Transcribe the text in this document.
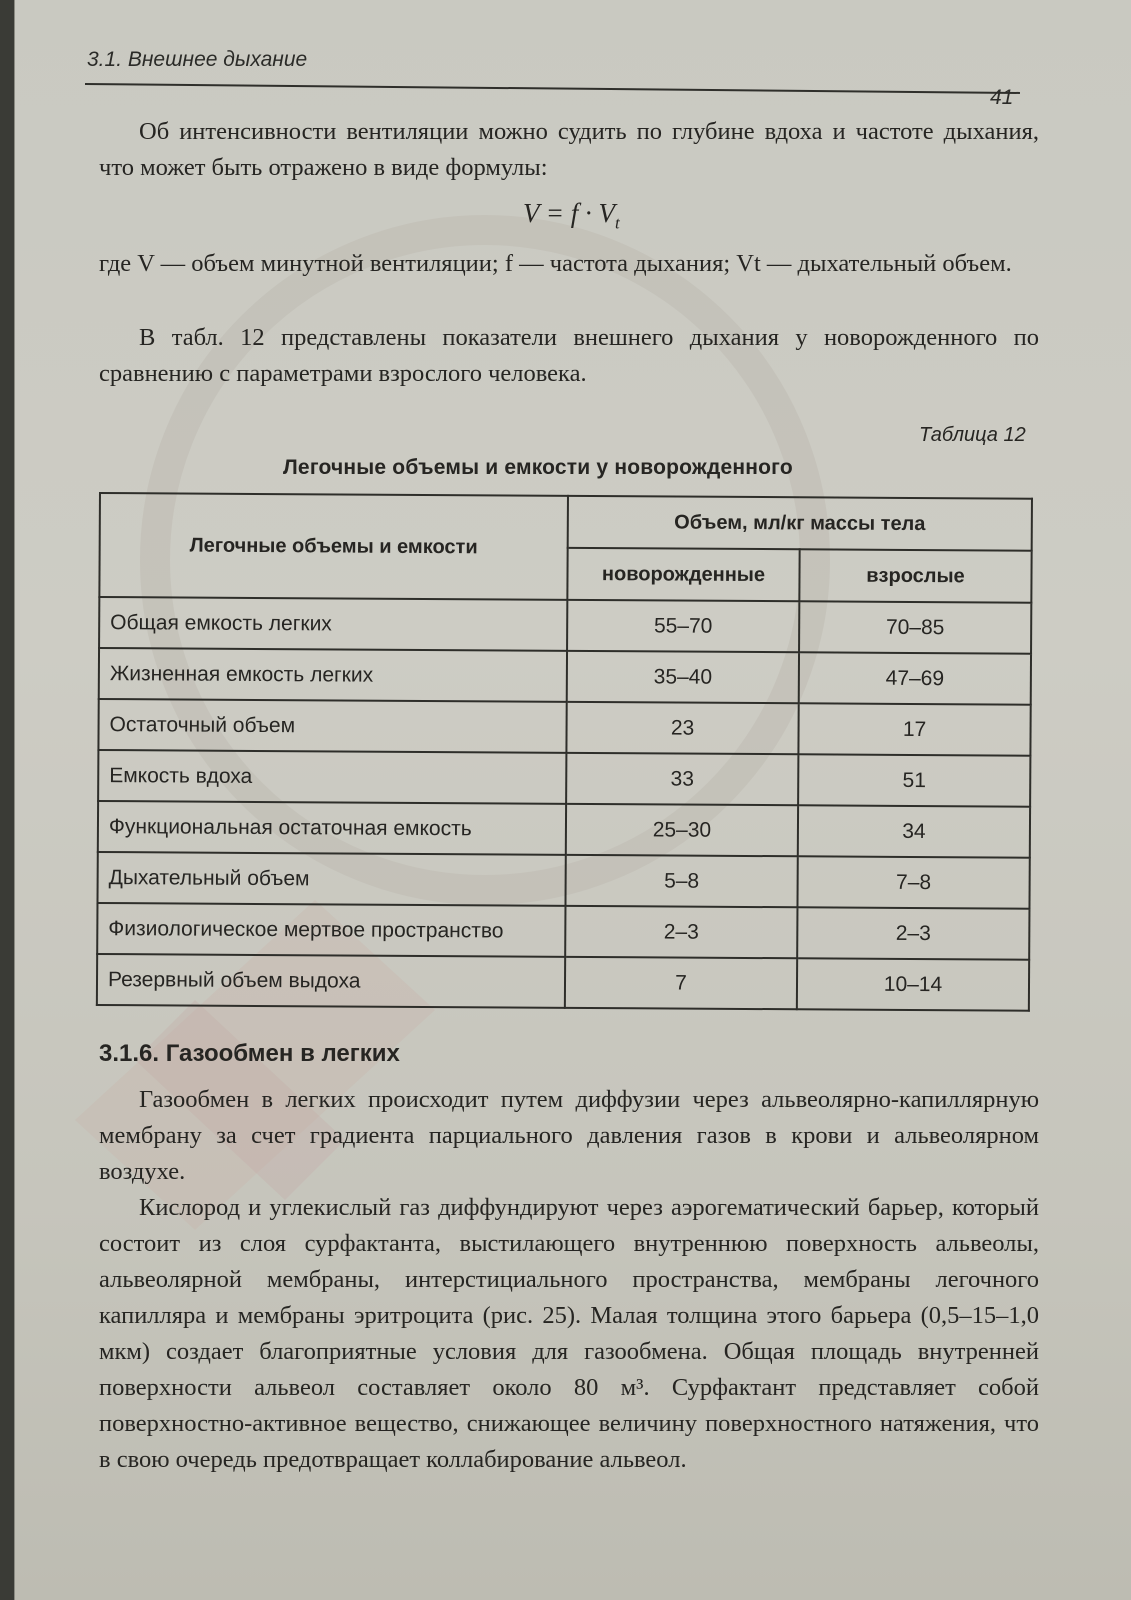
3.1. Внешнее дыхание
41
Об интенсивности вентиляции можно судить по глубине вдоха и частоте дыхания, что может быть отражено в виде формулы:
$V = f \cdot V_t$
где V — объем минутной вентиляции; f — частота дыхания; Vt — дыхательный объем.
В табл. 12 представлены показатели внешнего дыхания у новорожденного по сравнению с параметрами взрослого человека.
Таблица 12
Легочные объемы и емкости у новорожденного
Легочные объемы и емкости	Объем, мл/кг массы тела	
	новорожденные	взрослые
Общая емкость легких	55–70	70–85
Жизненная емкость легких	35–40	47–69
Остаточный объем	23	17
Емкость вдоха	33	51
Функциональная остаточная емкость	25–30	34
Дыхательный объем	5–8	7–8
Физиологическое мертвое пространство	2–3	2–3
Резервный объем выдоха	7	10–14
3.1.6. Газообмен в легких
Газообмен в легких происходит путем диффузии через альвеолярно-капиллярную мембрану за счет градиента парциального давления газов в крови и альвеолярном воздухе.
Кислород и углекислый газ диффундируют через аэрогематический барьер, который состоит из слоя сурфактанта, выстилающего внутреннюю поверхность альвеолы, альвеолярной мембраны, интерстициального пространства, мембраны легочного капилляра и мембраны эритроцита (рис. 25). Малая толщина этого барьера (0,5–15–1,0 мкм) создает благоприятные условия для газообмена. Общая площадь внутренней поверхности альвеол составляет около 80 м³. Сурфактант представляет собой поверхностно-активное вещество, снижающее величину поверхностного натяжения, что в свою очередь предотвращает коллабирование альвеол.
